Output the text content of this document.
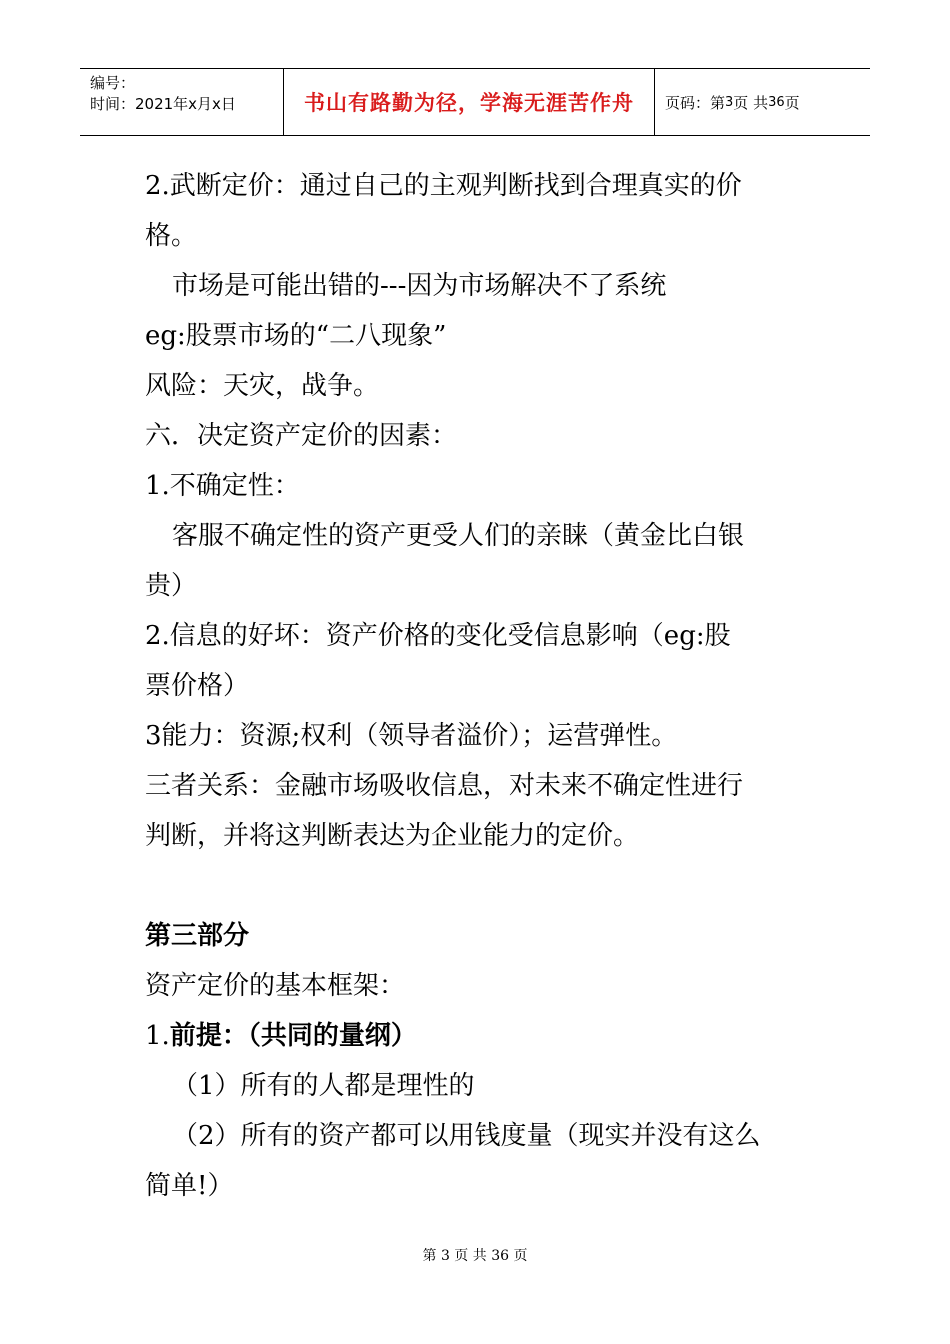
编号：
时间：2021年x月x日	书山有路勤为径，学海无涯苦作舟	页码：第 3 页 共 36 页
2.武断定价：通过自己的主观判断找到合理真实的价
格。
市场是可能出错的---因为市场解决不了系统
eg:股票市场的“二八现象”
风险：天灾，战争。
六．决定资产定价的因素：
1.不确定性：
客服不确定性的资产更受人们的亲睐（黄金比白银
贵）
2.信息的好坏：资产价格的变化受信息影响（eg:股
票价格）
3能力：资源;权利（领导者溢价）；运营弹性。
三者关系：金融市场吸收信息，对未来不确定性进行
判断，并将这判断表达为企业能力的定价。
第三部分
资产定价的基本框架：
1.前提：（共同的量纲）
（1）所有的人都是理性的
（2）所有的资产都可以用钱度量（现实并没有这么
简单!）
第 3 页 共 36 页
